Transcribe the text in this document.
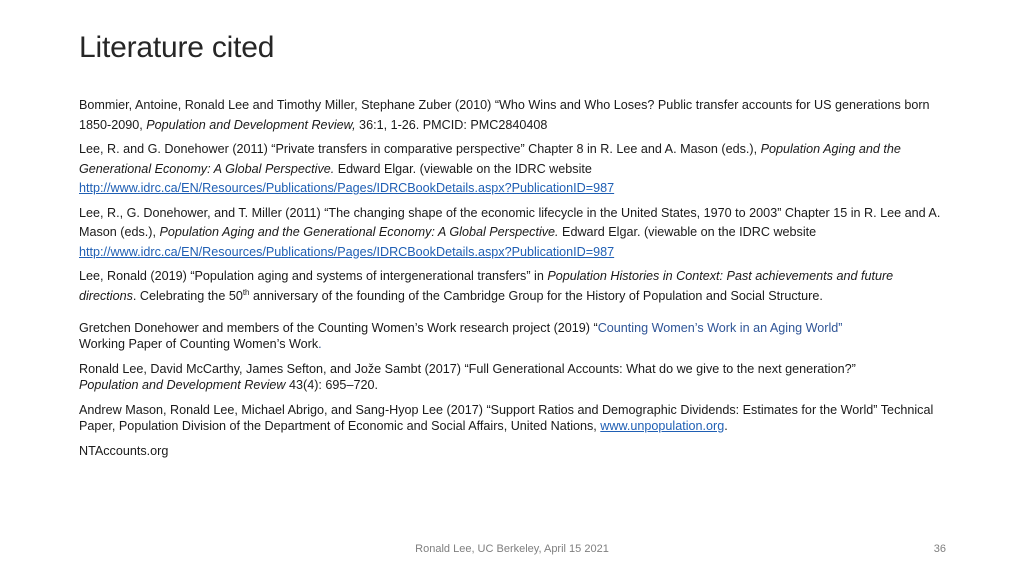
Literature cited

Bommier, Antoine, Ronald Lee and Timothy Miller, Stephane Zuber (2010) “Who Wins and Who Loses? Public transfer accounts for US generations born 1850-2090, Population and Development Review, 36:1, 1-26. PMCID: PMC2840408

Lee, R. and G. Donehower (2011) “Private transfers in comparative perspective” Chapter 8 in R. Lee and A. Mason (eds.), Population Aging and the Generational Economy: A Global Perspective. Edward Elgar. (viewable on the IDRC website
http://www.idrc.ca/EN/Resources/Publications/Pages/IDRCBookDetails.aspx?PublicationID=987

Lee, R., G. Donehower, and T. Miller (2011) “The changing shape of the economic lifecycle in the United States, 1970 to 2003” Chapter 15 in R. Lee and A. Mason (eds.), Population Aging and the Generational Economy: A Global Perspective. Edward Elgar. (viewable on the IDRC website
http://www.idrc.ca/EN/Resources/Publications/Pages/IDRCBookDetails.aspx?PublicationID=987

Lee, Ronald (2019) “Population aging and systems of intergenerational transfers” in Population Histories in Context: Past achievements and future directions. Celebrating the 50th anniversary of the founding of the Cambridge Group for the History of Population and Social Structure.

Gretchen Donehower and members of the Counting Women’s Work research project (2019) “Counting Women’s Work in an Aging World”
Working Paper of Counting Women’s Work.

Ronald Lee, David McCarthy, James Sefton, and Jože Sambt (2017) “Full Generational Accounts: What do we give to the next generation?”
Population and Development Review 43(4): 695–720.

Andrew Mason, Ronald Lee, Michael Abrigo, and Sang-Hyop Lee (2017) “Support Ratios and Demographic Dividends: Estimates for the World” Technical Paper, Population Division of the Department of Economic and Social Affairs, United Nations, www.unpopulation.org.

NTAccounts.org

Ronald Lee, UC Berkeley, April 15 2021	36
